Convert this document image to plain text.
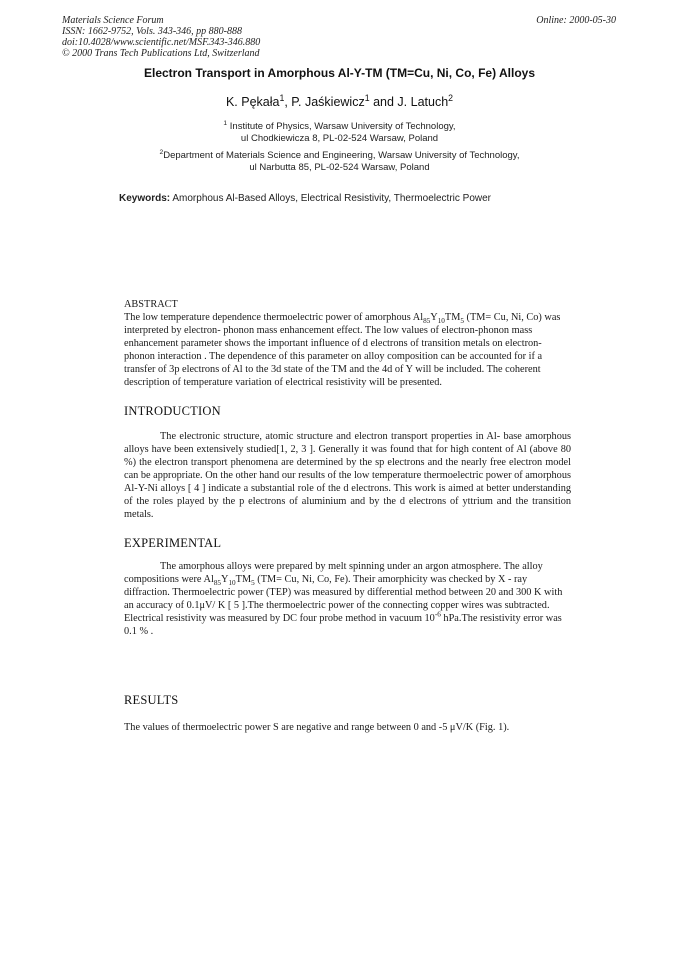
Materials Science Forum
ISSN: 1662-9752, Vols. 343-346, pp 880-888
doi:10.4028/www.scientific.net/MSF.343-346.880
© 2000 Trans Tech Publications Ltd, Switzerland
Online: 2000-05-30
Electron Transport in Amorphous Al-Y-TM (TM=Cu, Ni, Co, Fe) Alloys
K. Pękała$^1$, P. Jaśkiewicz$^1$ and J. Latuch$^2$
$^1$ Institute of Physics, Warsaw University of Technology,
ul Chodkiewicza 8, PL-02-524 Warsaw, Poland
$^2$Department of Materials Science and Engineering, Warsaw University of Technology,
ul Narbutta 85, PL-02-524 Warsaw, Poland
Keywords: Amorphous Al-Based Alloys, Electrical Resistivity, Thermoelectric Power
ABSTRACT

The low temperature dependence thermoelectric power of amorphous $Al_{85}Y_{10}TM_5$ (TM= Cu, Ni, Co) was interpreted by electron- phonon mass enhancement effect. The low values of electron-phonon mass enhancement parameter shows the important influence of d electrons of transition metals on electron- phonon interaction . The dependence of this parameter on alloy composition can be accounted for if a transfer of 3p electrons of Al to the 3d state of the TM and the 4d of Y will be included. The coherent description of temperature variation of electrical resistivity will be presented.

INTRODUCTION

The electronic structure, atomic structure and electron transport properties in Al- base amorphous alloys have been extensively studied[1, 2, 3 ]. Generally it was found that for high content of Al (above 80 %) the electron transport phenomena are determined by the sp electrons and the nearly free electron model can be appropriate. On the other hand our results of the low temperature thermoelectric power of amorphous Al-Y-Ni alloys [ 4 ] indicate a substantial role of the d electrons. This work is aimed at better understanding of the roles played by the p electrons of aluminium and by the d electrons of yttrium and the transition metals.

EXPERIMENTAL

The amorphous alloys were prepared by melt spinning under an argon atmosphere. The alloy compositions were $Al_{85}Y_{10}TM_5$ (TM= Cu, Ni, Co, Fe). Their amorphicity was checked by X - ray diffraction. Thermoelectric power (TEP) was measured by differential method between 20 and 300 K with an accuracy of 0.1μV/ K [ 5 ].The thermoelectric power of the connecting copper wires was subtracted. Electrical resistivity was measured by DC four probe method in vacuum $10^{-6}$ hPa.The resistivity error was 0.1 % .

RESULTS

The values of thermoelectric power S are negative and range between 0 and -5 μV/K (Fig. 1).
